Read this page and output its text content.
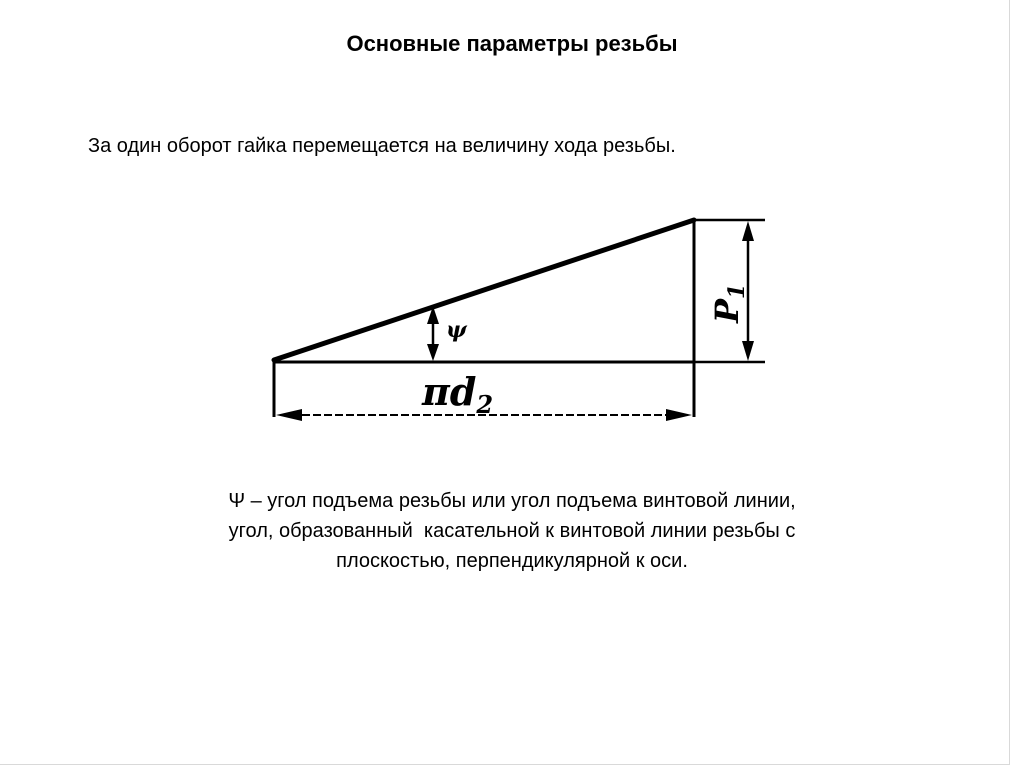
Основные параметры резьбы
За один оборот гайка перемещается на величину хода резьбы.
ψ
$\pi d_2$
P1
Ψ – угол подъема резьбы или угол подъема винтовой линии,
угол, образованный  касательной к винтовой линии резьбы с
плоскостью, перпендикулярной к оси.
